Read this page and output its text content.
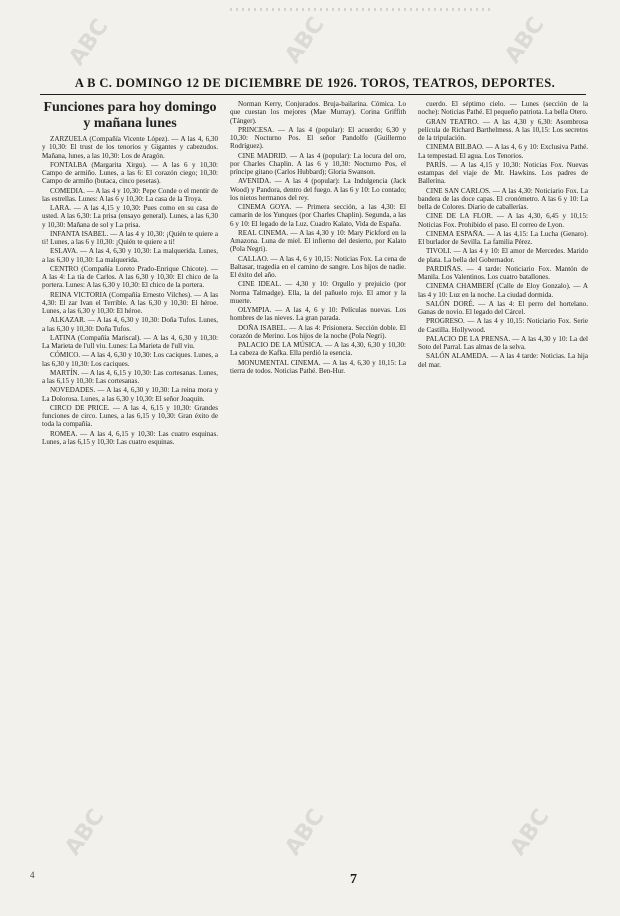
ABC	ABC	ABC
ABC	ABC	ABC
A B C. DOMINGO 12 DE DICIEMBRE DE 1926. TOROS, TEATROS, DEPORTES.
Funciones para hoy domingo y mañana lunes

ZARZUELA (Compañía Vicente López). — A las 4, 6,30 y 10,30: El trust de los tenorios y Gigantes y cabezudos. Mañana, lunes, a las 10,30: Los de Aragón.

FONTALBA (Margarita Xirgu). — A las 6 y 10,30: Campo de armiño. Lunes, a las 6: El corazón ciego; 10,30: Campo de armiño (butaca, cinco pesetas).

COMEDIA. — A las 4 y 10,30: Pepe Conde o el mentir de las estrellas. Lunes: A las 6 y 10,30: La casa de la Troya.

LARA. — A las 4,15 y 10,30: Pues como en su casa de usted. A las 6,30: La prisa (ensayo general). Lunes, a las 6,30 y 10,30: Mañana de sol y La prisa.

INFANTA ISABEL. — A las 4 y 10,30: ¡Quién te quiere a ti! Lunes, a las 6 y 10,30: ¡Quién te quiere a ti!

ESLAVA. — A las 4, 6,30 y 10,30: La malquerida. Lunes, a las 6,30 y 10,30: La malquerida.

CENTRO (Compañía Loreto Prado-Enrique Chicote). — A las 4: La tía de Carlos. A las 6,30 y 10,30: El chico de la portera. Lunes: A las 6,30 y 10,30: El chico de la portera.

REINA VICTORIA (Compañía Ernesto Vilches). — A las 4,30: El zar Ivan el Terrible. A las 6,30 y 10,30: El héroe. Lunes, a las 6,30 y 10,30: El héroe.

ALKAZAR. — A las 4, 6,30 y 10,30: Doña Tufos. Lunes, a las 6,30 y 10,30: Doña Tufos.

LATINA (Compañía Mariscal). — A las 4, 6,30 y 10,30: La Marieta de l'ull viu. Lunes: La Marieta de l'ull viu.

CÓMICO. — A las 4, 6,30 y 10,30: Los caciques. Lunes, a las 6,30 y 10,30: Los caciques.

MARTÍN. — A las 4, 6,15 y 10,30: Las cortesanas. Lunes, a las 6,15 y 10,30: Las cortesanas.

NOVEDADES. — A las 4, 6,30 y 10,30: La reina mora y La Dolorosa. Lunes, a las 6,30 y 10,30: El señor Joaquín.

CIRCO DE PRICE. — A las 4, 6,15 y 10,30: Grandes funciones de circo. Lunes, a las 6,15 y 10,30: Gran éxito de toda la compañía.

ROMEA. — A las 4, 6,15 y 10,30: Las cuatro esquinas. Lunes, a las 6,15 y 10,30: Las cuatro esquinas.

Norman Kerry, Conjurados. Bruja-bailarina. Cómica. Lo que cuestan los mejores (Mae Murray). Corina Griffith (Tánger).

PRINCESA. — A las 4 (popular): El acuerdo; 6,30 y 10,30: Nocturno Pos. El señor Pandolfo (Guillermo Rodríguez).

CINE MADRID. — A las 4 (popular): La locura del oro, por Charles Chaplin. A las 6 y 10,30: Nocturno Pos, el príncipe gitano (Carlos Hubbard); Gloria Swanson.

AVENIDA. — A las 4 (popular): La Indulgencia (Jack Wood) y Pandora, dentro del fuego. A las 6 y 10: Lo contado; los nietos hermanos del rey.

CINEMA GOYA. — Primera sección, a las 4,30: El camarín de los Yunques (por Charles Chaplin). Segunda, a las 6 y 10: El legado de la Luz. Cuadro Kalato, Vida de España.

REAL CINEMA. — A las 4,30 y 10: Mary Pickford en la Amazona. Luna de miel. El infierno del desierto, por Kalato (Pola Negri).

CALLAO. — A las 4, 6 y 10,15: Noticias Fox. La cena de Baltasar, tragedia en el camino de sangre. Los hijos de nadie. El éxito del año.

CINE IDEAL. — 4,30 y 10: Orgullo y prejuicio (por Norma Talmadge). Ella, la del pañuelo rojo. El amor y la muerte.

OLYMPIA. — A las 4, 6 y 10: Películas nuevas. Los hombres de las nieves. La gran parada.

DOÑA ISABEL. — A las 4: Prisionera. Sección doble. El corazón de Merino. Los hijos de la noche (Pola Negri).

PALACIO DE LA MÚSICA. — A las 4,30, 6,30 y 10,30: La cabeza de Kafka. Ella perdió la esencia.

MONUMENTAL CINEMA. — A las 4, 6,30 y 10,15: La tierra de todos. Noticias Pathé. Ben-Hur.

cuerdo. El séptimo cielo. — Lunes (sección de la noche): Noticias Pathé. El pequeño patriota. La bella Otero.

GRAN TEATRO. — A las 4,30 y 6,30: Asombrosa película de Richard Barthelmess. A las 10,15: Los secretos de la tripulación.

CINEMA BILBAO. — A las 4, 6 y 10: Exclusiva Pathé. La tempestad. El agua. Los Tenorios.

PARÍS. — A las 4,15 y 10,30: Noticias Fox. Nuevas estampas del viaje de Mr. Hawkins. Los padres de Ballerina.

CINE SAN CARLOS. — A las 4,30: Noticiario Fox. La bandera de las doce capas. El cronómetro. A las 6 y 10: La bella de Colores. Diario de caballerías.

CINE DE LA FLOR. — A las 4,30, 6,45 y 10,15: Noticias Fox. Prohibido el paso. El correo de Lyon.

CINEMA ESPAÑA. — A las 4,15: La Lucha (Genaro). El burlador de Sevilla. La familia Pérez.

TIVOLI. — A las 4 y 10: El amor de Mercedes. Marido de plata. La bella del Gobernador.

PARDIÑAS. — 4 tarde: Noticiario Fox. Mantón de Manila. Los Valentinos. Los cuatro batallones.

CINEMA CHAMBERÍ (Calle de Eloy Gonzalo). — A las 4 y 10: Luz en la noche. La ciudad dormida.

SALÓN DORÉ. — A las 4: El perro del hortelano. Ganas de novio. El legado del Cárcel.

PROGRESO. — A las 4 y 10,15: Noticiario Fox. Serie de Castilla. Hollywood.

PALACIO DE LA PRENSA. — A las 4,30 y 10: La del Soto del Parral. Las almas de la selva.

SALÓN ALAMEDA. — A las 4 tarde: Noticias. La hija del mar.

4	7
